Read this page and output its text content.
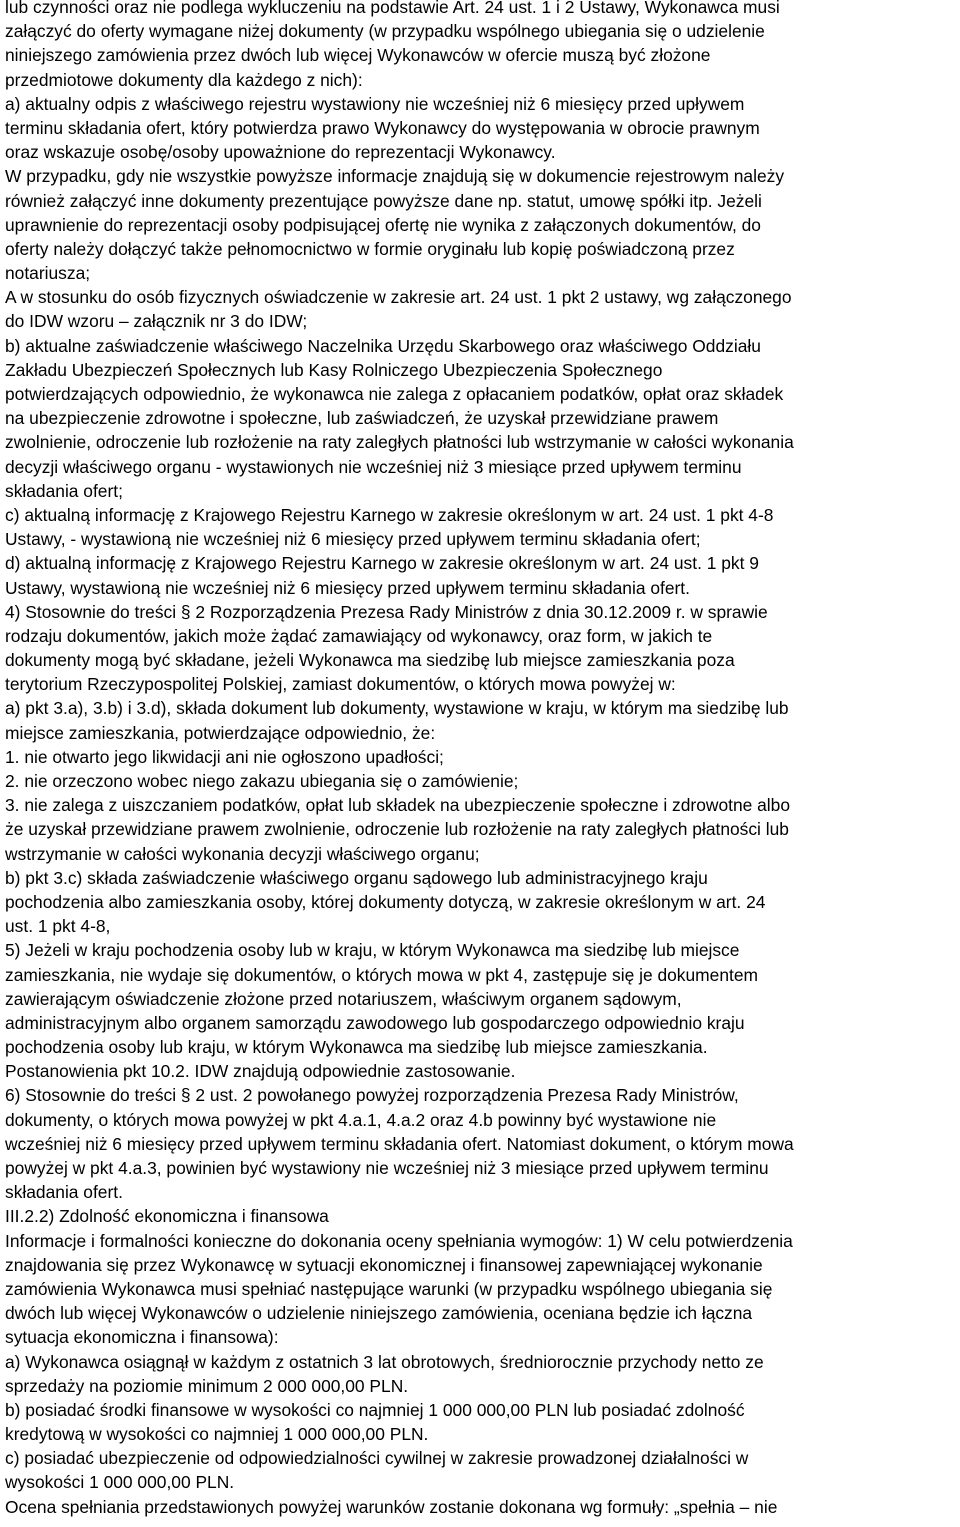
lub czynności oraz nie podlega wykluczeniu na podstawie Art. 24 ust. 1 i 2 Ustawy, Wykonawca musi
załączyć do oferty wymagane niżej dokumenty (w przypadku wspólnego ubiegania się o udzielenie
niniejszego zamówienia przez dwóch lub więcej Wykonawców w ofercie muszą być złożone
przedmiotowe dokumenty dla każdego z nich):
a) aktualny odpis z właściwego rejestru wystawiony nie wcześniej niż 6 miesięcy przed upływem
terminu składania ofert, który potwierdza prawo Wykonawcy do występowania w obrocie prawnym
oraz wskazuje osobę/osoby upoważnione do reprezentacji Wykonawcy.
W przypadku, gdy nie wszystkie powyższe informacje znajdują się w dokumencie rejestrowym należy
również załączyć inne dokumenty prezentujące powyższe dane np. statut, umowę spółki itp. Jeżeli
uprawnienie do reprezentacji osoby podpisującej ofertę nie wynika z załączonych dokumentów, do
oferty należy dołączyć także pełnomocnictwo w formie oryginału lub kopię poświadczoną przez
notariusza;
A w stosunku do osób fizycznych oświadczenie w zakresie art. 24 ust. 1 pkt 2 ustawy, wg załączonego
do IDW wzoru – załącznik nr 3 do IDW;
b) aktualne zaświadczenie właściwego Naczelnika Urzędu Skarbowego oraz właściwego Oddziału
Zakładu Ubezpieczeń Społecznych lub Kasy Rolniczego Ubezpieczenia Społecznego
potwierdzających odpowiednio, że wykonawca nie zalega z opłacaniem podatków, opłat oraz składek
na ubezpieczenie zdrowotne i społeczne, lub zaświadczeń, że uzyskał przewidziane prawem
zwolnienie, odroczenie lub rozłożenie na raty zaległych płatności lub wstrzymanie w całości wykonania
decyzji właściwego organu - wystawionych nie wcześniej niż 3 miesiące przed upływem terminu
składania ofert;
c) aktualną informację z Krajowego Rejestru Karnego w zakresie określonym w art. 24 ust. 1 pkt 4-8
Ustawy, - wystawioną nie wcześniej niż 6 miesięcy przed upływem terminu składania ofert;
d) aktualną informację z Krajowego Rejestru Karnego w zakresie określonym w art. 24 ust. 1 pkt 9
Ustawy, wystawioną nie wcześniej niż 6 miesięcy przed upływem terminu składania ofert.
4) Stosownie do treści § 2 Rozporządzenia Prezesa Rady Ministrów z dnia 30.12.2009 r. w sprawie
rodzaju dokumentów, jakich może żądać zamawiający od wykonawcy, oraz form, w jakich te
dokumenty mogą być składane, jeżeli Wykonawca ma siedzibę lub miejsce zamieszkania poza
terytorium Rzeczypospolitej Polskiej, zamiast dokumentów, o których mowa powyżej w:
a) pkt 3.a), 3.b) i 3.d), składa dokument lub dokumenty, wystawione w kraju, w którym ma siedzibę lub
miejsce zamieszkania, potwierdzające odpowiednio, że:
1. nie otwarto jego likwidacji ani nie ogłoszono upadłości;
2. nie orzeczono wobec niego zakazu ubiegania się o zamówienie;
3. nie zalega z uiszczaniem podatków, opłat lub składek na ubezpieczenie społeczne i zdrowotne albo
że uzyskał przewidziane prawem zwolnienie, odroczenie lub rozłożenie na raty zaległych płatności lub
wstrzymanie w całości wykonania decyzji właściwego organu;
b) pkt 3.c) składa zaświadczenie właściwego organu sądowego lub administracyjnego kraju
pochodzenia albo zamieszkania osoby, której dokumenty dotyczą, w zakresie określonym w art. 24
ust. 1 pkt 4-8,
5) Jeżeli w kraju pochodzenia osoby lub w kraju, w którym Wykonawca ma siedzibę lub miejsce
zamieszkania, nie wydaje się dokumentów, o których mowa w pkt 4, zastępuje się je dokumentem
zawierającym oświadczenie złożone przed notariuszem, właściwym organem sądowym,
administracyjnym albo organem samorządu zawodowego lub gospodarczego odpowiednio kraju
pochodzenia osoby lub kraju, w którym Wykonawca ma siedzibę lub miejsce zamieszkania.
Postanowienia pkt 10.2. IDW znajdują odpowiednie zastosowanie.
6) Stosownie do treści § 2 ust. 2 powołanego powyżej rozporządzenia Prezesa Rady Ministrów,
dokumenty, o których mowa powyżej w pkt 4.a.1, 4.a.2 oraz 4.b powinny być wystawione nie
wcześniej niż 6 miesięcy przed upływem terminu składania ofert. Natomiast dokument, o którym mowa
powyżej w pkt 4.a.3, powinien być wystawiony nie wcześniej niż 3 miesiące przed upływem terminu
składania ofert.
III.2.2) Zdolność ekonomiczna i finansowa
Informacje i formalności konieczne do dokonania oceny spełniania wymogów: 1) W celu potwierdzenia
znajdowania się przez Wykonawcę w sytuacji ekonomicznej i finansowej zapewniającej wykonanie
zamówienia Wykonawca musi spełniać następujące warunki (w przypadku wspólnego ubiegania się
dwóch lub więcej Wykonawców o udzielenie niniejszego zamówienia, oceniana będzie ich łączna
sytuacja ekonomiczna i finansowa):
a) Wykonawca osiągnął w każdym z ostatnich 3 lat obrotowych, średniorocznie przychody netto ze
sprzedaży na poziomie minimum 2 000 000,00 PLN.
b) posiadać środki finansowe w wysokości co najmniej 1 000 000,00 PLN lub posiadać zdolność
kredytową w wysokości co najmniej 1 000 000,00 PLN.
c) posiadać ubezpieczenie od odpowiedzialności cywilnej w zakresie prowadzonej działalności w
wysokości 1 000 000,00 PLN.
Ocena spełniania przedstawionych powyżej warunków zostanie dokonana wg formuły: „spełnia – nie
